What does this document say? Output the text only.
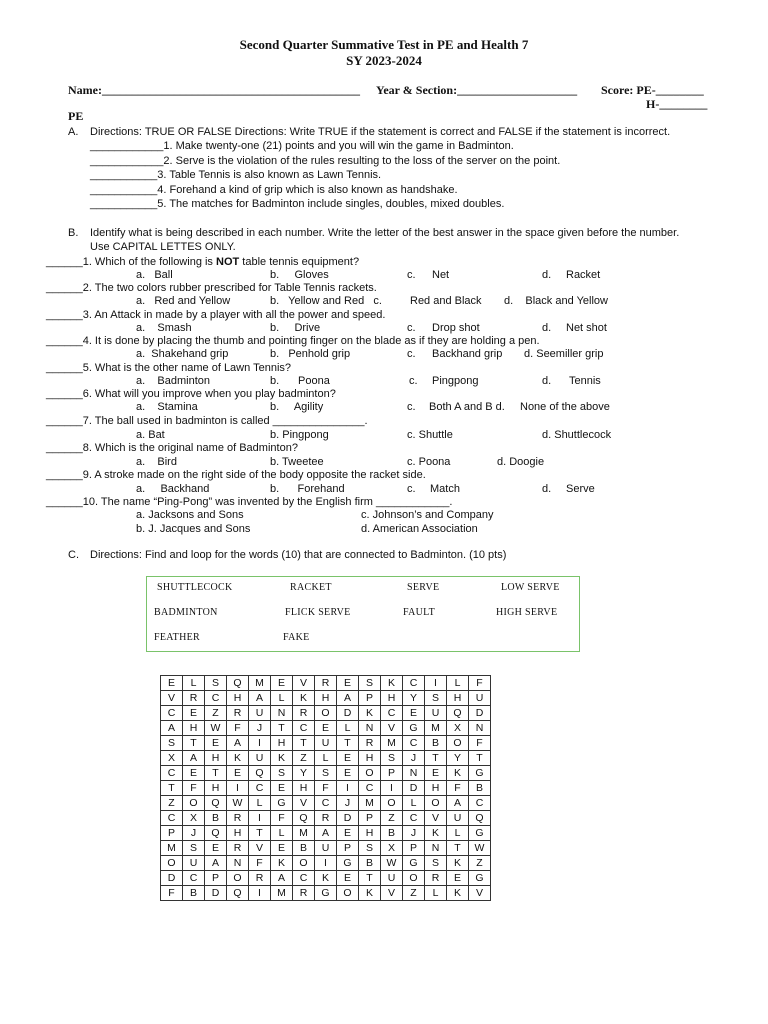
Second Quarter Summative Test in PE and Health 7
SY 2023-2024
Name:___________________________________________ Year & Section:____________________ Score: PE-________
H-________
PE
A. Directions: TRUE OR FALSE Directions: Write TRUE if the statement is correct and FALSE if the statement is incorrect.
____________1. Make twenty-one (21) points and you will win the game in Badminton.
____________2. Serve is the violation of the rules resulting to the loss of the server on the point.
___________3. Table Tennis is also known as Lawn Tennis.
___________4. Forehand a kind of grip which is also known as handshake.
___________5. The matches for Badminton include singles, doubles, mixed doubles.
B. Identify what is being described in each number. Write the letter of the best answer in the space given before the number.
Use CAPITAL LETTES ONLY.
______1. Which of the following is NOT table tennis equipment?
a.   Ball	b.     Gloves	c. Net	d. Racket
______2. The two colors rubber prescribed for Table Tennis rackets.
a.   Red and Yellow	b.   Yellow and Red   c.	Red and Black d.    Black and Yellow
______3. An Attack in made by a player with all the power and speed.
a.    Smash	b.     Drive	c. Drop shot	d. Net shot
______4. It is done by placing the thumb and pointing finger on the blade as if they are holding a pen.
a.  Shakehand grip	b.   Penhold grip	c. Backhand grip d. Seemiller grip
______5. What is the other name of Lawn Tennis?
a.    Badminton	b. Poona	c. Pingpong	d. Tennis
______6. What will you improve when you play badminton?
a.    Stamina	b.     Agility	c. Both A and B d. None of the above
______7. The ball used in badminton is called _______________.
a. Bat	b. Pingpong	c. Shuttle	d. Shuttlecock
______8. Which is the original name of Badminton?
a.    Bird	b. Tweetee	c. Poona	d. Doogie
______9. A stroke made on the right side of the body opposite the racket side.
a.     Backhand	b.      Forehand	c. Match	d. Serve
______10. The name “Ping-Pong” was invented by the English firm ____________.
a. Jacksons and Sons	c. Johnson’s and Company
b. J. Jacques and Sons	d. American Association
C. Directions: Find and loop for the words (10) that are connected to Badminton. (10 pts)
SHUTTLECOCK	RACKET	SERVE	LOW SERVE
BADMINTON	FLICK SERVE	FAULT	HIGH SERVE
FEATHER	FAKE
E	L	S	Q	M	E	V	R	E	S	K	C	I	L	F
V	R	C	H	A	L	K	H	A	P	H	Y	S	H	U
C	E	Z	R	U	N	R	O	D	K	C	E	U	Q	D
A	H	W	F	J	T	C	E	L	N	V	G	M	X	N
S	T	E	A	I	H	T	U	T	R	M	C	B	O	F
X	A	H	K	U	K	Z	L	E	H	S	J	T	Y	T
C	E	T	E	Q	S	Y	S	E	O	P	N	E	K	G
T	F	H	I	C	E	H	F	I	C	I	D	H	F	B
Z	O	Q	W	L	G	V	C	J	M	O	L	O	A	C
C	X	B	R	I	F	Q	R	D	P	Z	C	V	U	Q
P	J	Q	H	T	L	M	A	E	H	B	J	K	L	G
M	S	E	R	V	E	B	U	P	S	X	P	N	T	W
O	U	A	N	F	K	O	I	G	B	W	G	S	K	Z
D	C	P	O	R	A	C	K	E	T	U	O	R	E	G
F	B	D	Q	I	M	R	G	O	K	V	Z	L	K	V
